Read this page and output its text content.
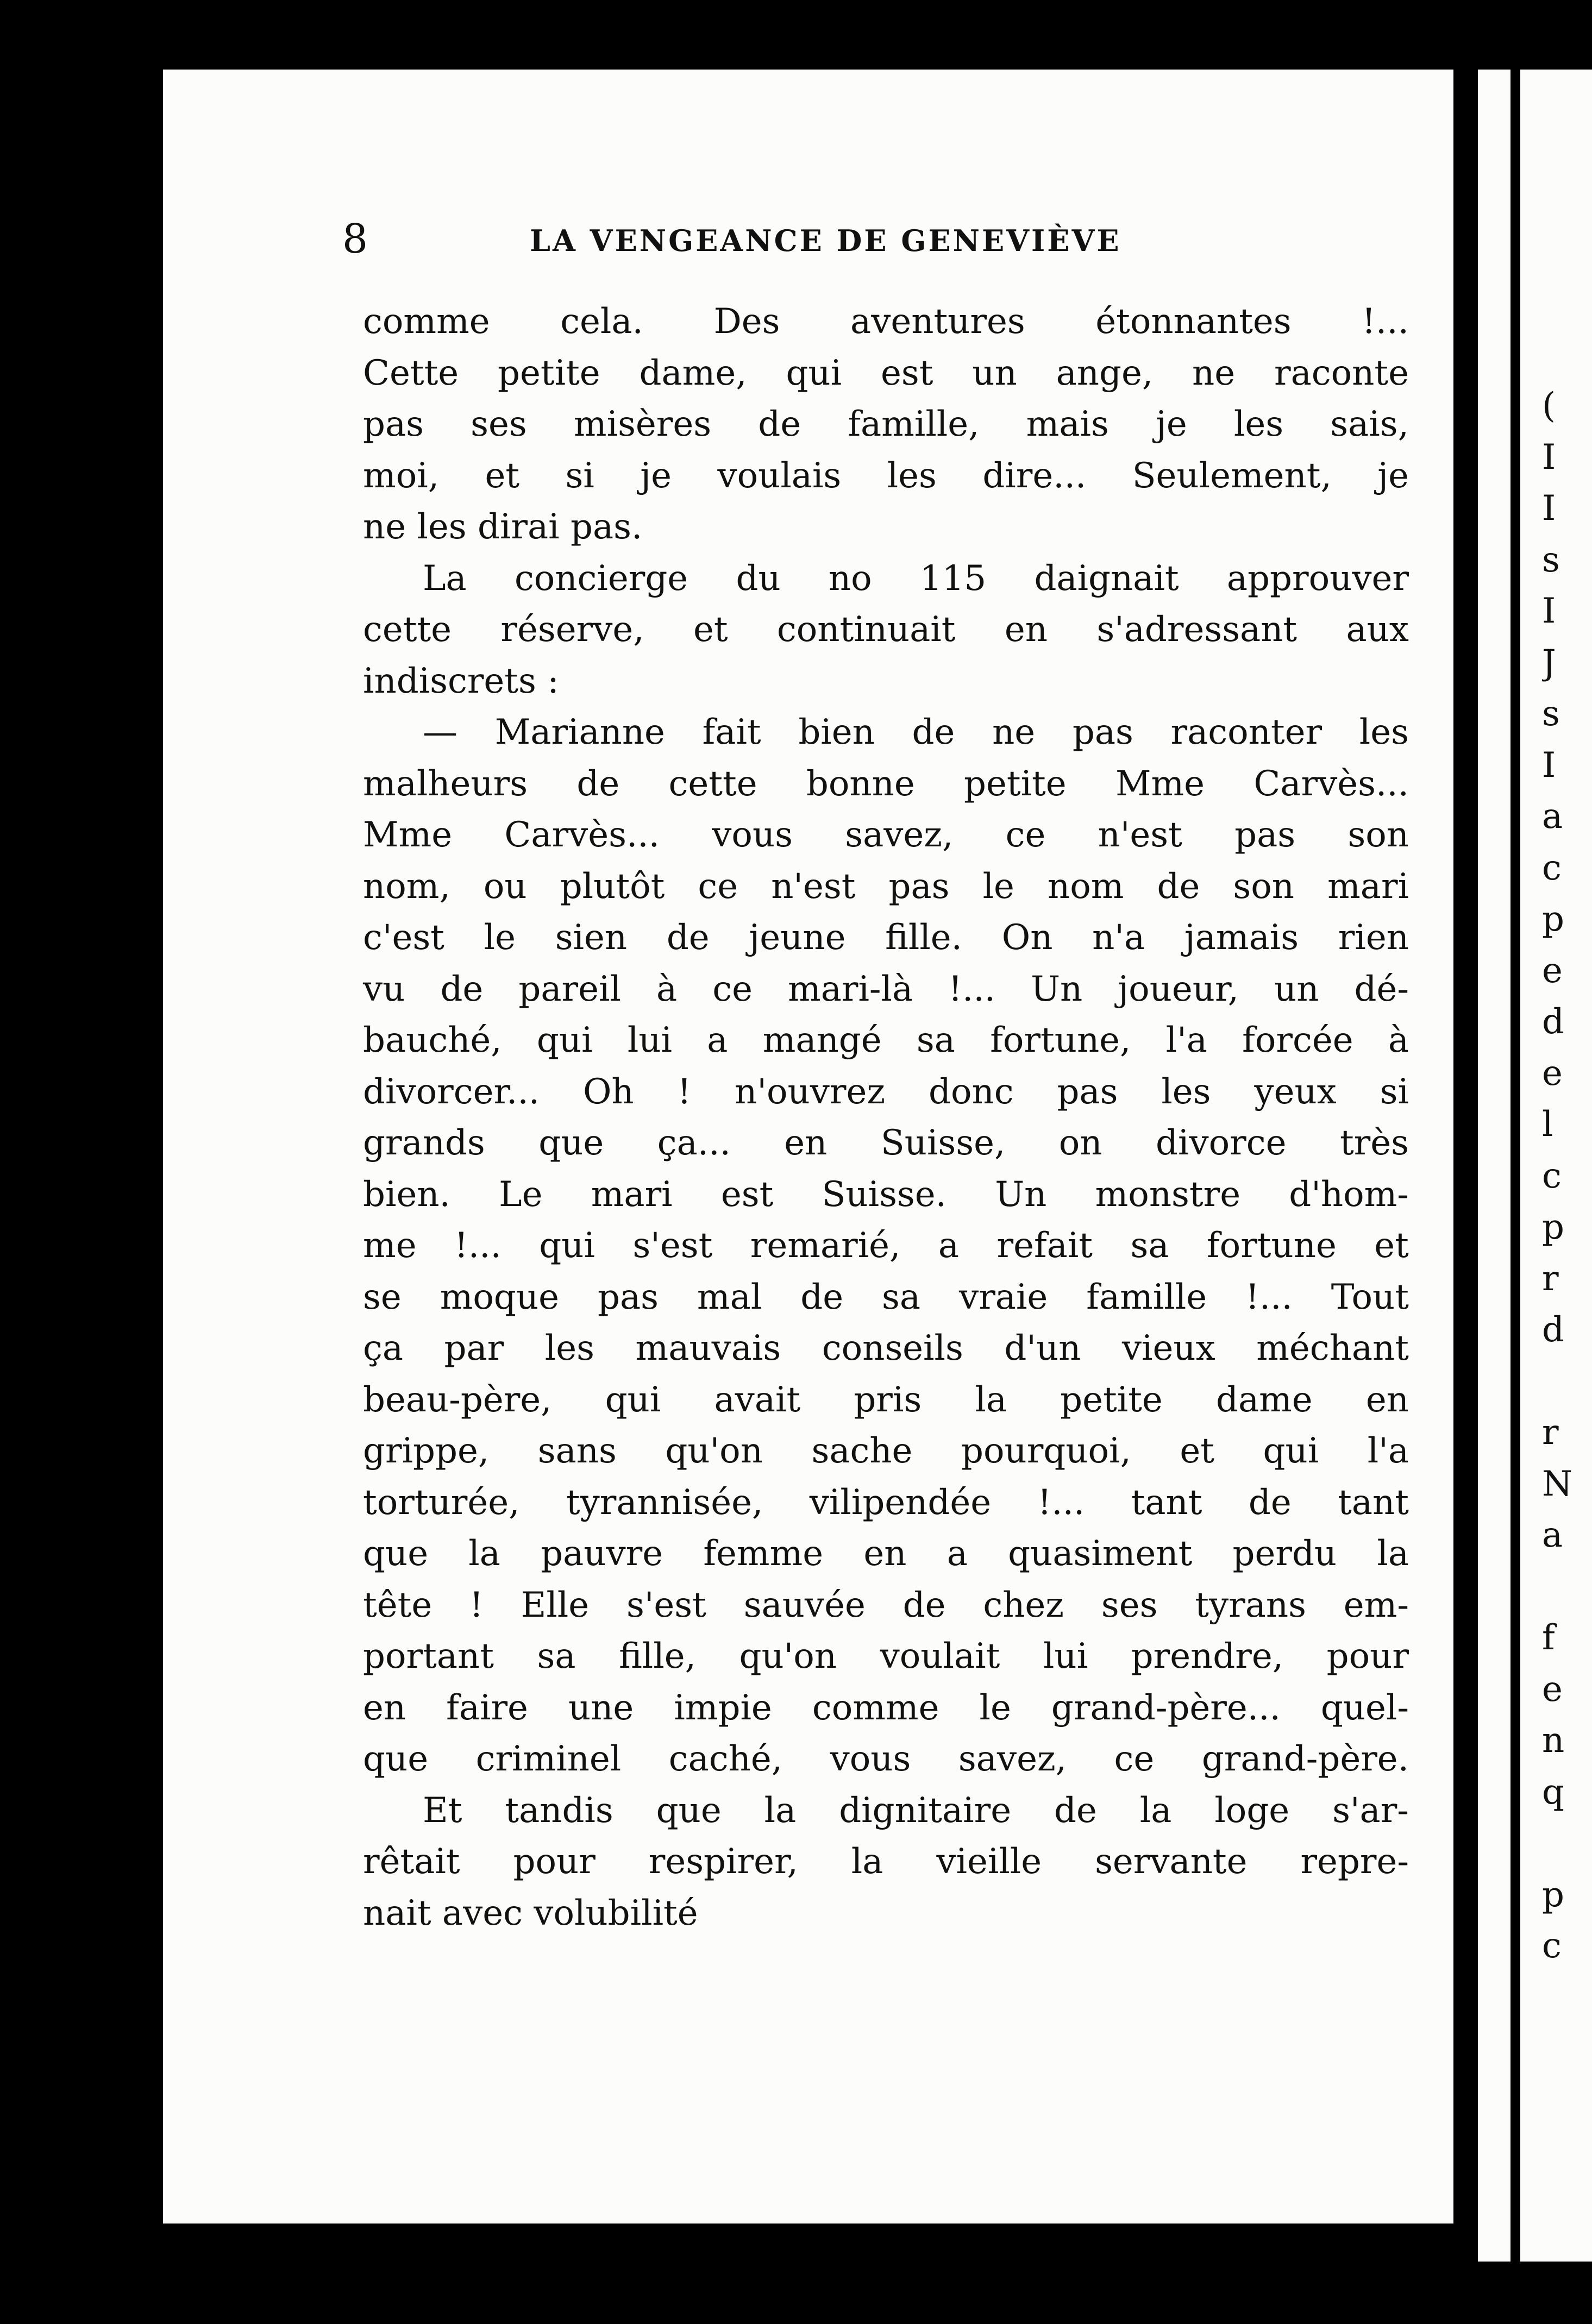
8	LA VENGEANCE DE GENEVIÈVE
comme cela. Des aventures étonnantes !...
Cette petite dame, qui est un ange, ne raconte
pas ses misères de famille, mais je les sais,
moi, et si je voulais les dire... Seulement, je
ne les dirai pas.
La concierge du no 115 daignait approuver
cette réserve, et continuait en s'adressant aux
indiscrets :
— Marianne fait bien de ne pas raconter les
malheurs de cette bonne petite Mme Carvès...
Mme Carvès... vous savez, ce n'est pas son
nom, ou plutôt ce n'est pas le nom de son mari
c'est le sien de jeune fille. On n'a jamais rien
vu de pareil à ce mari-là !... Un joueur, un dé-
bauché, qui lui a mangé sa fortune, l'a forcée à
divorcer... Oh ! n'ouvrez donc pas les yeux si
grands que ça... en Suisse, on divorce très
bien. Le mari est Suisse. Un monstre d'hom-
me !... qui s'est remarié, a refait sa fortune et
se moque pas mal de sa vraie famille !... Tout
ça par les mauvais conseils d'un vieux méchant
beau-père, qui avait pris la petite dame en
grippe, sans qu'on sache pourquoi, et qui l'a
torturée, tyrannisée, vilipendée !... tant de tant
que la pauvre femme en a quasiment perdu la
tête ! Elle s'est sauvée de chez ses tyrans em-
portant sa fille, qu'on voulait lui prendre, pour
en faire une impie comme le grand-père... quel-
que criminel caché, vous savez, ce grand-père.
Et tandis que la dignitaire de la loge s'ar-
rêtait pour respirer, la vieille servante repre-
nait avec volubilité
(
I
I
s
I
J
s
I
a
c
p
e
d
e
l
c
p
r
d
r
N
a
f
e
n
q
p
c
